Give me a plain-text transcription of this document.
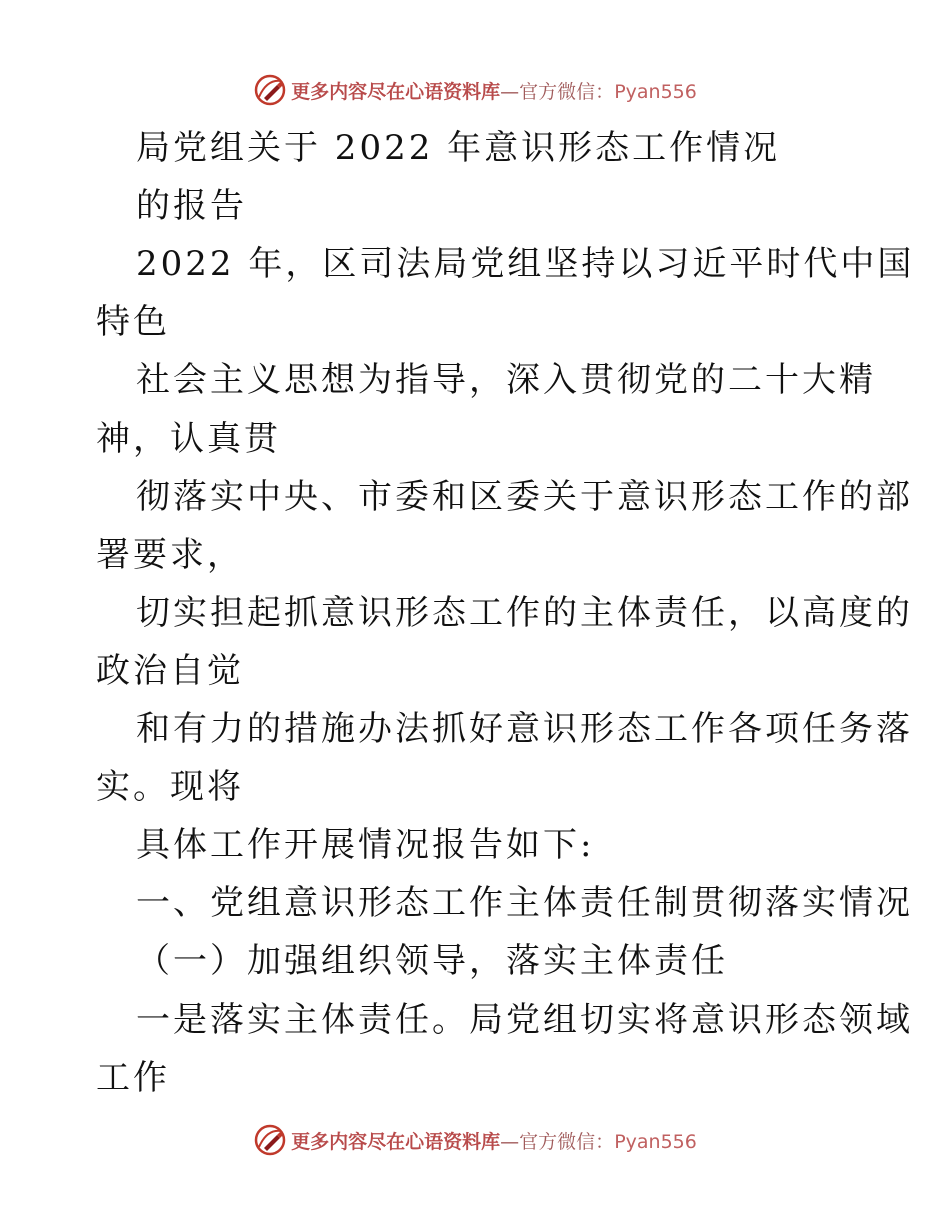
更多内容尽在心语资料库—官方微信：Pyan556
局党组关于 2022 年意识形态工作情况
的报告
2022 年，区司法局党组坚持以习近平时代中国
特色
社会主义思想为指导，深入贯彻党的二十大精
神，认真贯
彻落实中央、市委和区委关于意识形态工作的部
署要求，
切实担起抓意识形态工作的主体责任，以高度的
政治自觉
和有力的措施办法抓好意识形态工作各项任务落
实。现将
具体工作开展情况报告如下:
一、党组意识形态工作主体责任制贯彻落实情况
（一）加强组织领导，落实主体责任
一是落实主体责任。局党组切实将意识形态领域
工作
更多内容尽在心语资料库—官方微信：Pyan556
